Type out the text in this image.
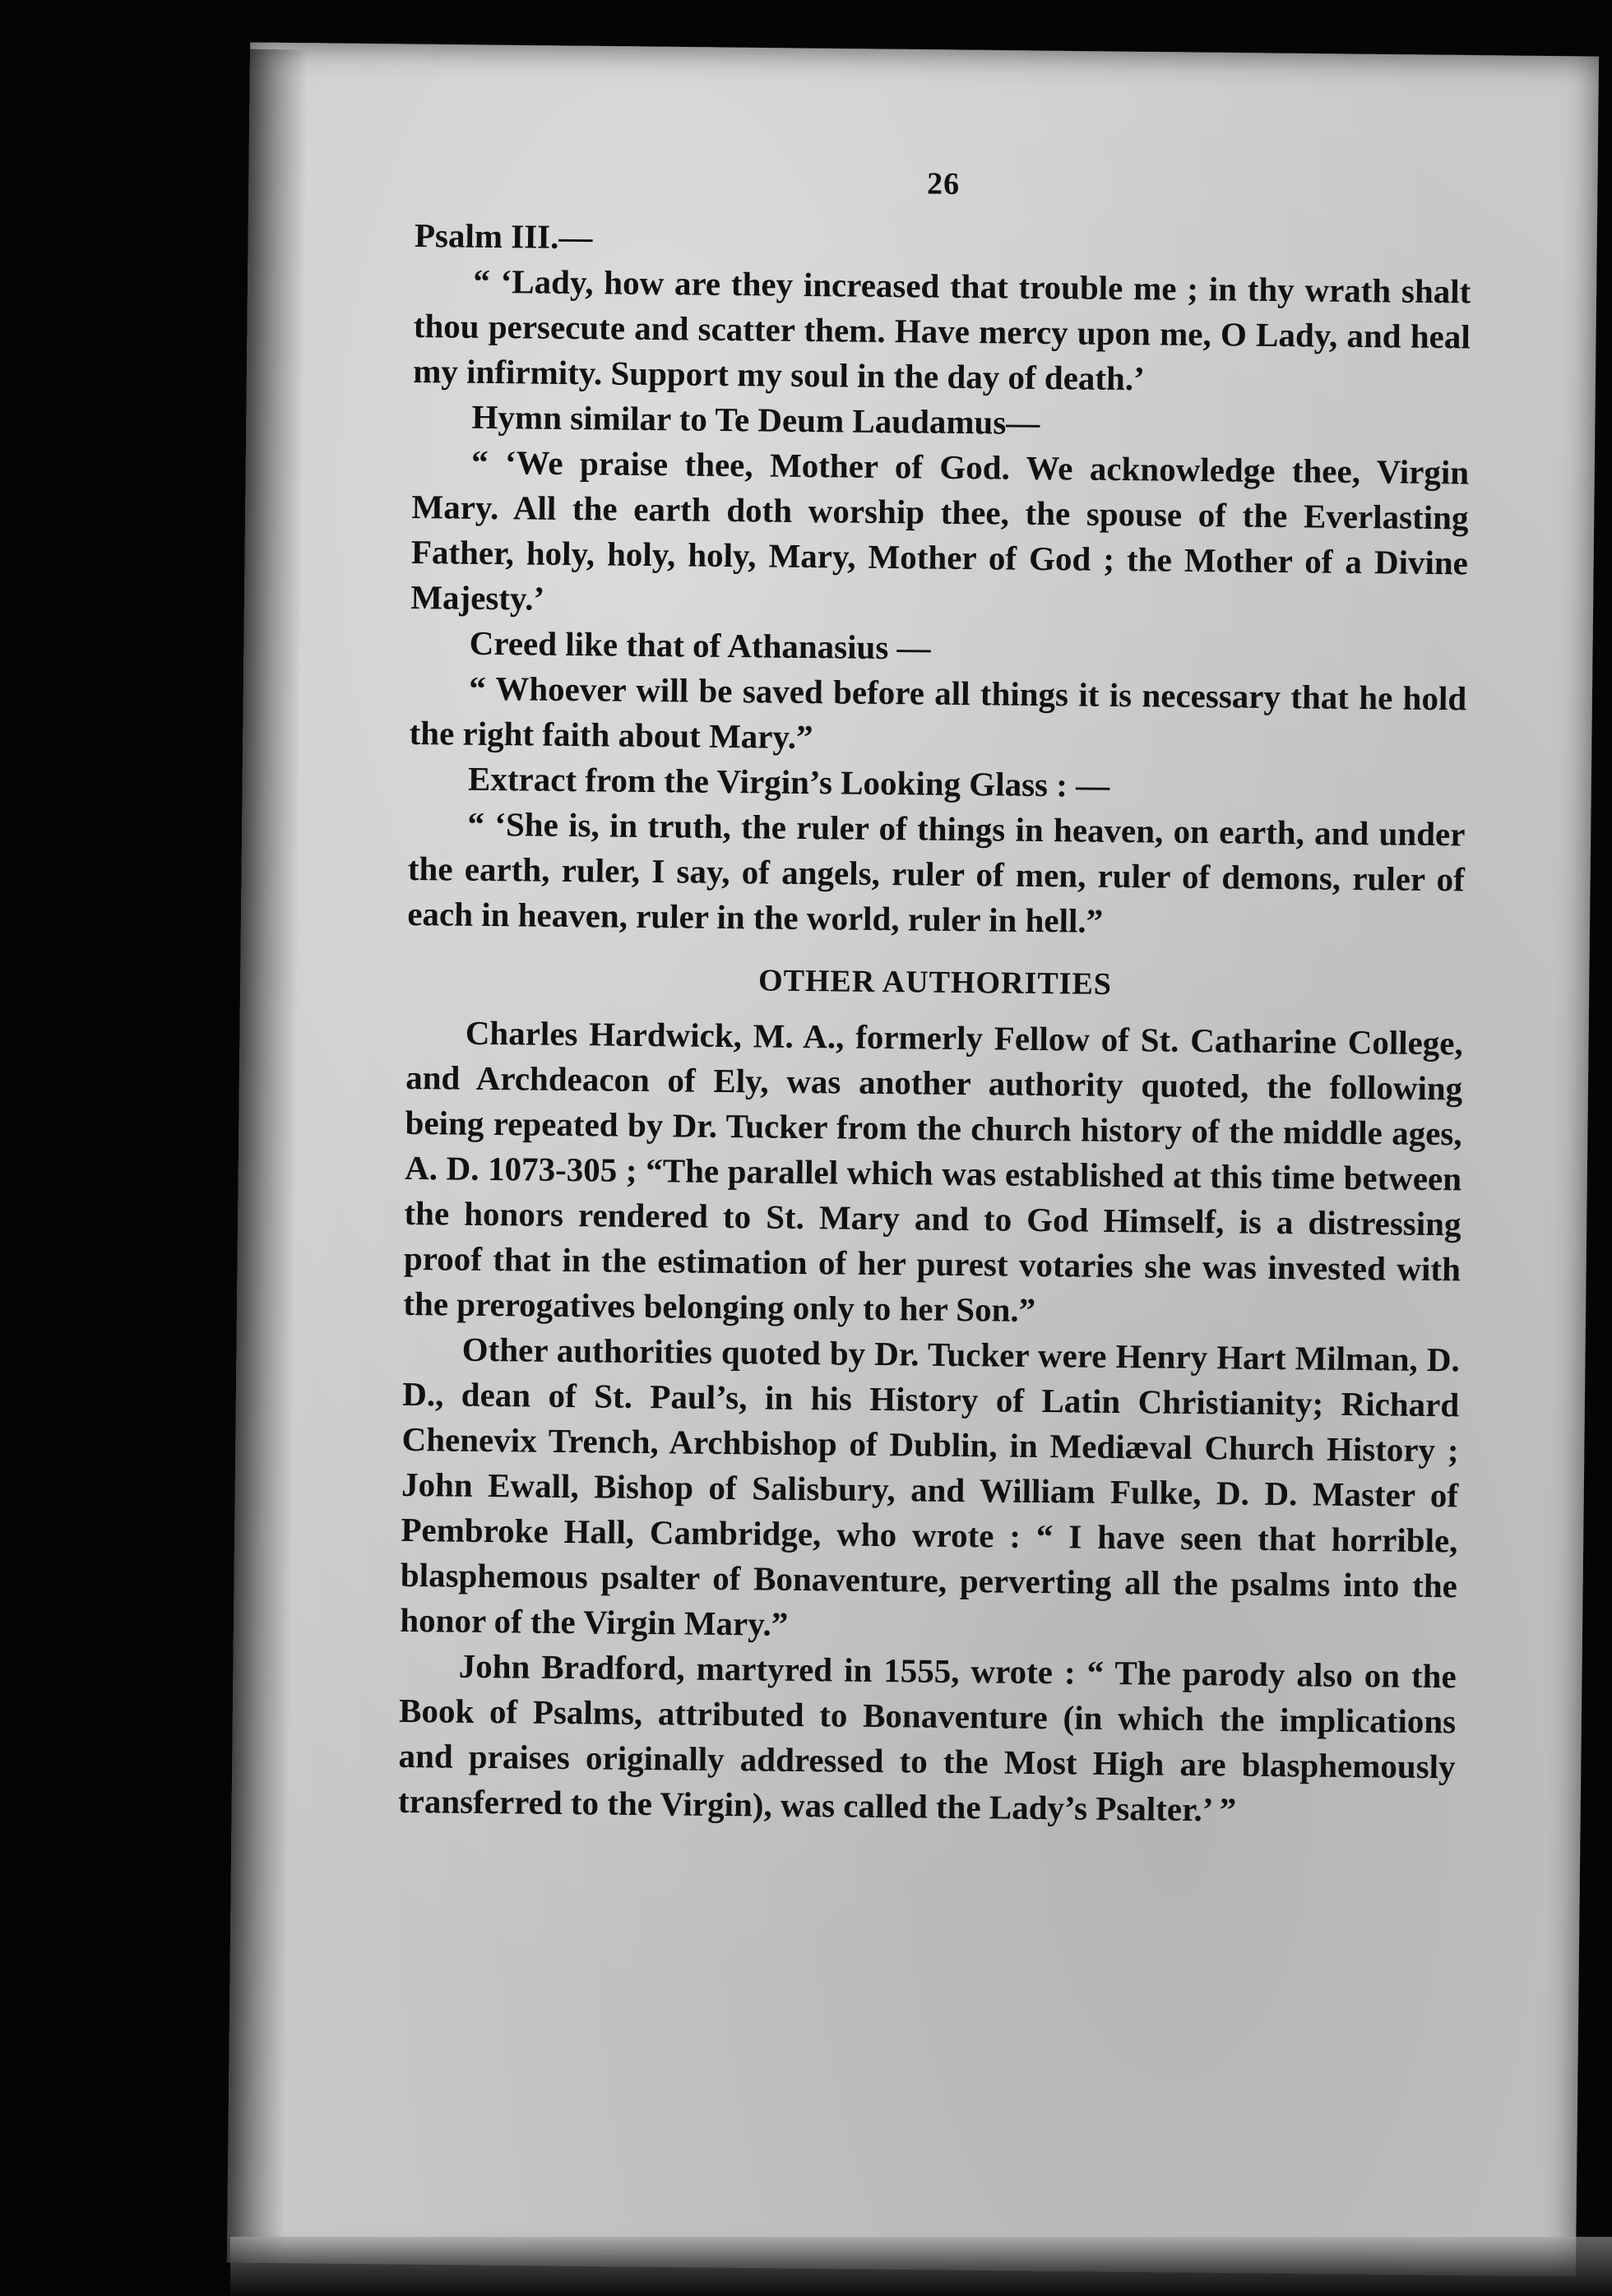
26

Psalm III.—

“ ‘Lady, how are they increased that trouble me ; in thy wrath shalt thou persecute and scatter them. Have mercy upon me, O Lady, and heal my infirmity. Support my soul in the day of death.’

Hymn similar to Te Deum Laudamus—

“ ‘We praise thee, Mother of God. We acknowledge thee, Virgin Mary. All the earth doth worship thee, the spouse of the Everlasting Father, holy, holy, holy, Mary, Mother of God ; the Mother of a Divine Majesty.’

Creed like that of Athanasius —

“ Whoever will be saved before all things it is necessary that he hold the right faith about Mary.”

Extract from the Virgin’s Looking Glass : —

“ ‘She is, in truth, the ruler of things in heaven, on earth, and under the earth, ruler, I say, of angels, ruler of men, ruler of demons, ruler of each in heaven, ruler in the world, ruler in hell.”

OTHER AUTHORITIES

Charles Hardwick, M. A., formerly Fellow of St. Catharine College, and Archdeacon of Ely, was another authority quoted, the following being repeated by Dr. Tucker from the church history of the middle ages, A. D. 1073-305 ; “The parallel which was established at this time between the honors rendered to St. Mary and to God Himself, is a distressing proof that in the estimation of her purest votaries she was invested with the prerogatives belonging only to her Son.”

Other authorities quoted by Dr. Tucker were Henry Hart Milman, D. D., dean of St. Paul’s, in his History of Latin Christianity; Richard Chenevix Trench, Archbishop of Dublin, in Mediæval Church History ; John Ewall, Bishop of Salisbury, and William Fulke, D. D. Master of Pembroke Hall, Cambridge, who wrote : “ I have seen that horrible, blasphemous psalter of Bonaventure, perverting all the psalms into the honor of the Virgin Mary.”

John Bradford, martyred in 1555, wrote : “ The parody also on the Book of Psalms, attributed to Bonaventure (in which the implications and praises originally addressed to the Most High are blasphemously transferred to the Virgin), was called the Lady’s Psalter.’ ”
